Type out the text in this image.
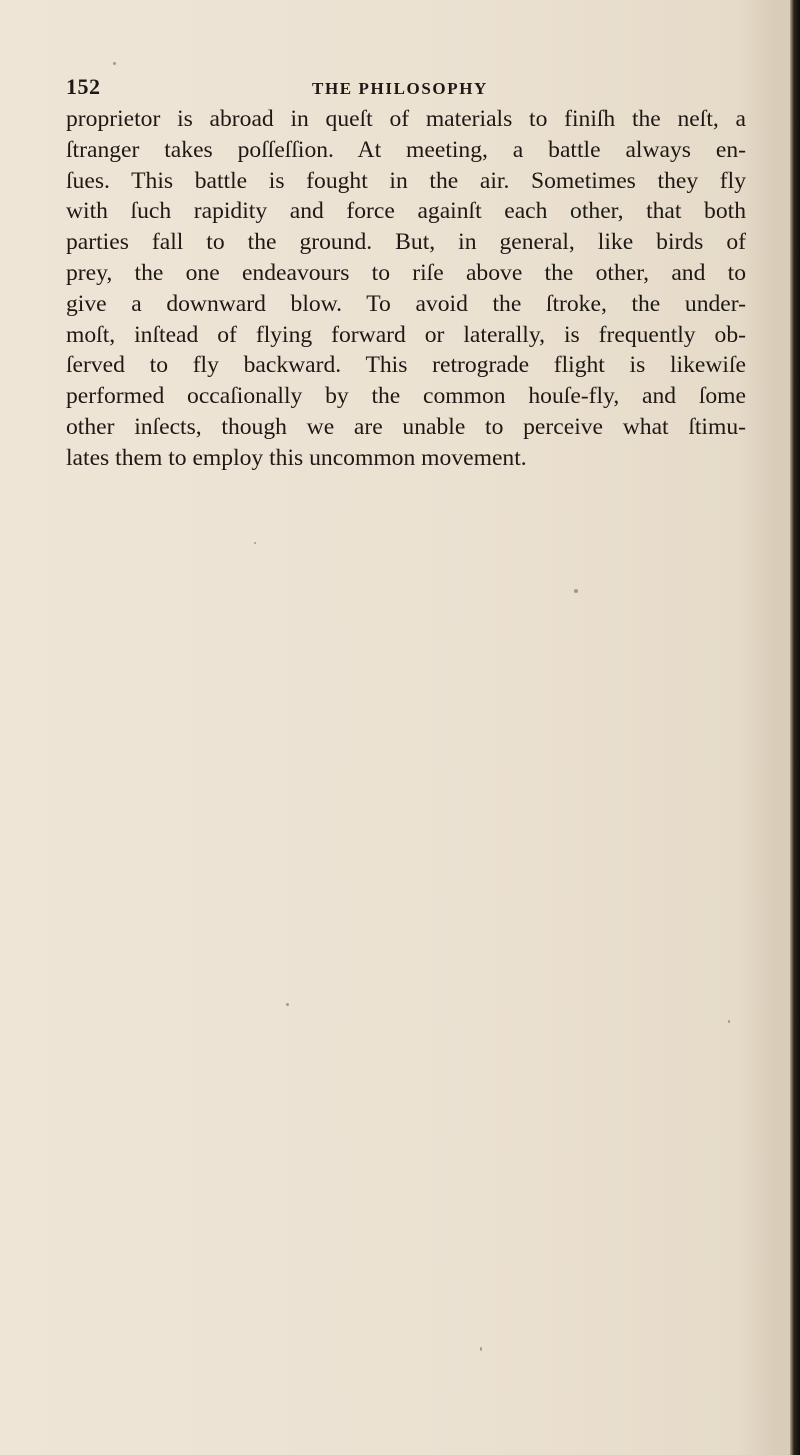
152	THE PHILOSOPHY
proprietor is abroad in queſt of materials to finiſh the neſt, a
ſtranger takes poſſeſſion. At meeting, a battle always en-
ſues. This battle is fought in the air. Sometimes they fly
with ſuch rapidity and force againſt each other, that both
parties fall to the ground. But, in general, like birds of
prey, the one endeavours to riſe above the other, and to
give a downward blow. To avoid the ſtroke, the under-
moſt, inſtead of flying forward or laterally, is frequently ob-
ſerved to fly backward. This retrograde flight is likewiſe
performed occaſionally by the common houſe-fly, and ſome
other inſects, though we are unable to perceive what ſtimu-
lates them to employ this uncommon movement.
